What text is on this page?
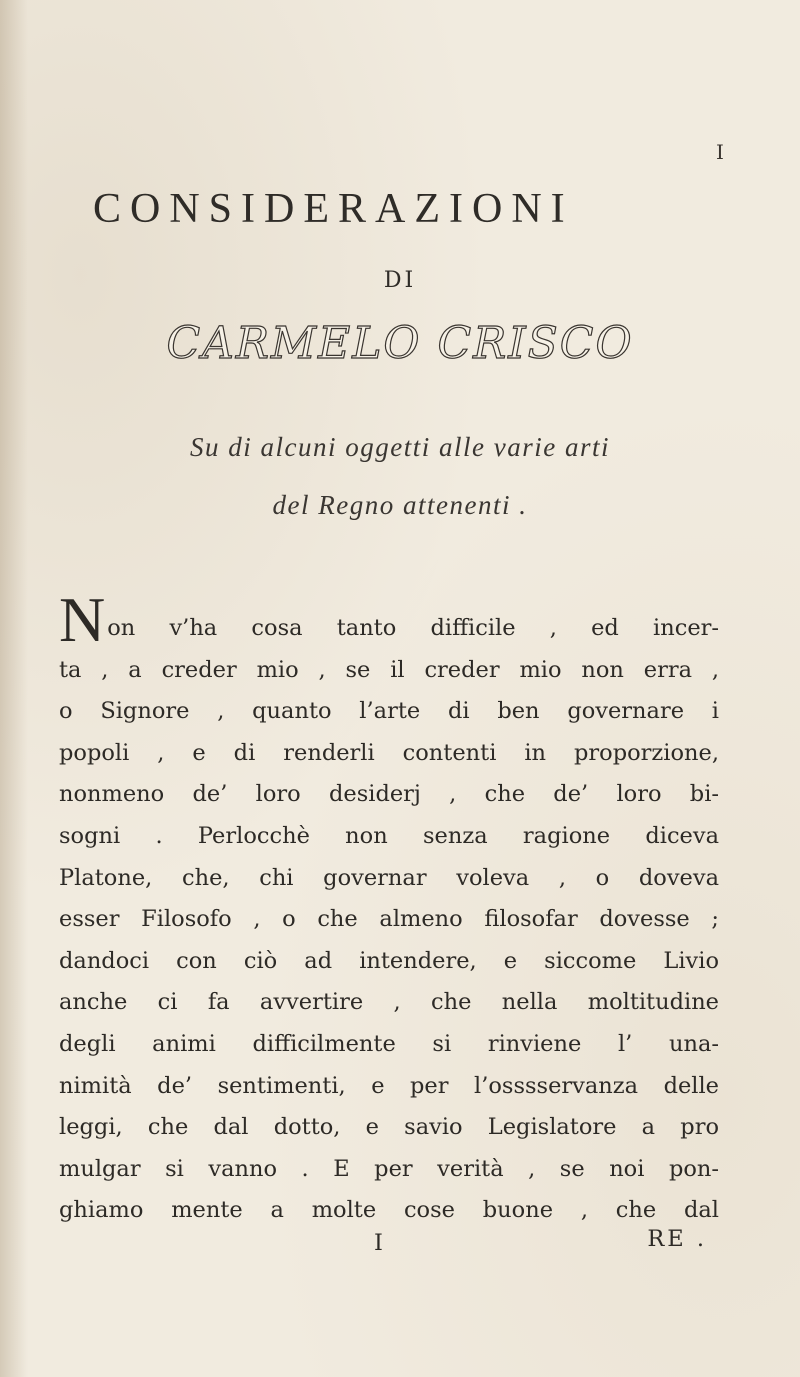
I
CONSIDERAZIONI
DI
CARMELO CRISCO
Su di alcuni oggetti alle varie arti
del Regno attenenti .
Non v’ha cosa tanto difficile , ed incer-
ta , a creder mio , se il creder mio non erra ,
o Signore , quanto l’arte di ben governare i
popoli , e di renderli contenti in proporzione,
nonmeno de’ loro desiderj , che de’ loro bi-
sogni . Perlocchè non senza ragione diceva
Platone, che, chi governar voleva , o doveva
esser Filosofo , o che almeno filosofar dovesse ;
dandoci con ciò ad intendere, e siccome Livio
anche ci fa avvertire , che nella moltitudine
degli animi difficilmente si rinviene l’ una-
nimità de’ sentimenti, e per l’osssservanza delle
leggi, che dal dotto, e savio Legislatore a pro
mulgar si vanno . E per verità , se noi pon-
ghiamo mente a molte cose buone , che dal
I	RE .
